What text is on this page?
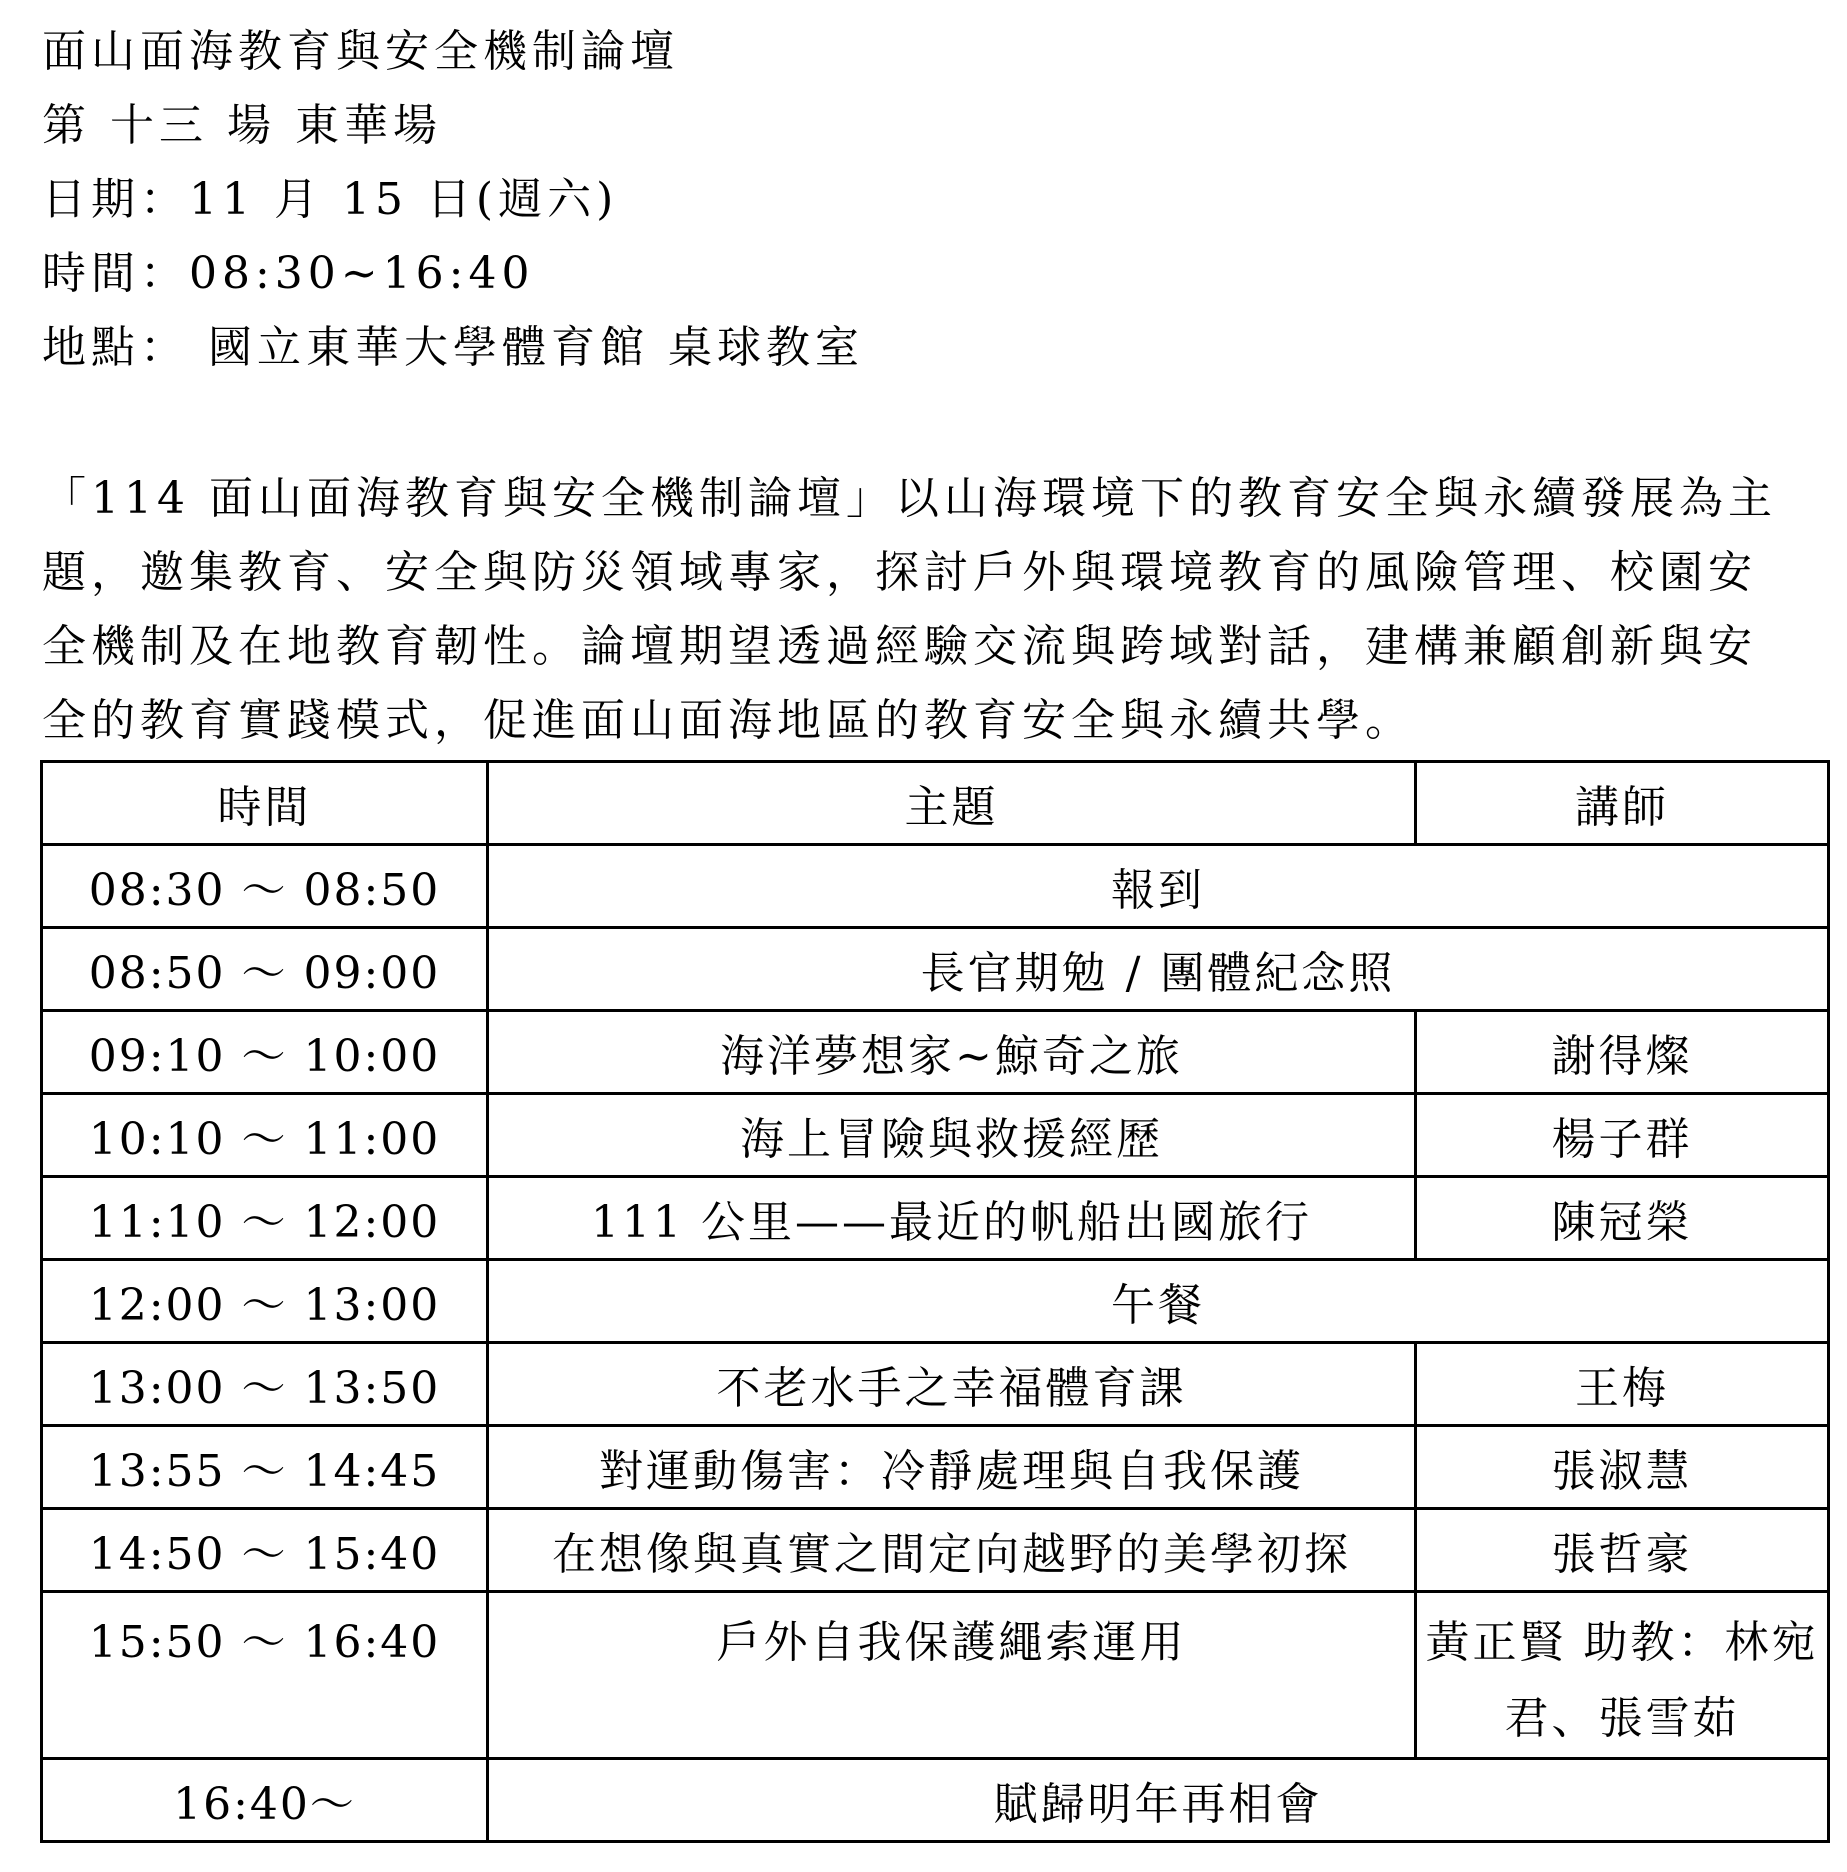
面山面海教育與安全機制論壇
第 十三 場 東華場
日期：11 月 15 日(週六)
時間：08:30~16:40
地點： 國立東華大學體育館 桌球教室

「114 面山面海教育與安全機制論壇」以山海環境下的教育安全與永續發展為主題，邀集教育、安全與防災領域專家，探討戶外與環境教育的風險管理、校園安全機制及在地教育韌性。論壇期望透過經驗交流與跨域對話，建構兼顧創新與安全的教育實踐模式，促進面山面海地區的教育安全與永續共學。

時間	主題	講師
08:30 ～ 08:50	報到	
08:50 ～ 09:00	長官期勉 / 團體紀念照	
09:10 ～ 10:00	海洋夢想家~鯨奇之旅	謝得燦
10:10 ～ 11:00	海上冒險與救援經歷	楊子群
11:10 ～ 12:00	111 公里——最近的帆船出國旅行	陳冠榮
12:00 ～ 13:00	午餐	
13:00 ～ 13:50	不老水手之幸福體育課	王梅
13:55 ～ 14:45	對運動傷害：冷靜處理與自我保護	張淑慧
14:50 ～ 15:40	在想像與真實之間定向越野的美學初探	張哲豪
15:50 ～ 16:40	戶外自我保護繩索運用	黃正賢 助教：林宛君、張雪茹
16:40～	賦歸明年再相會	
